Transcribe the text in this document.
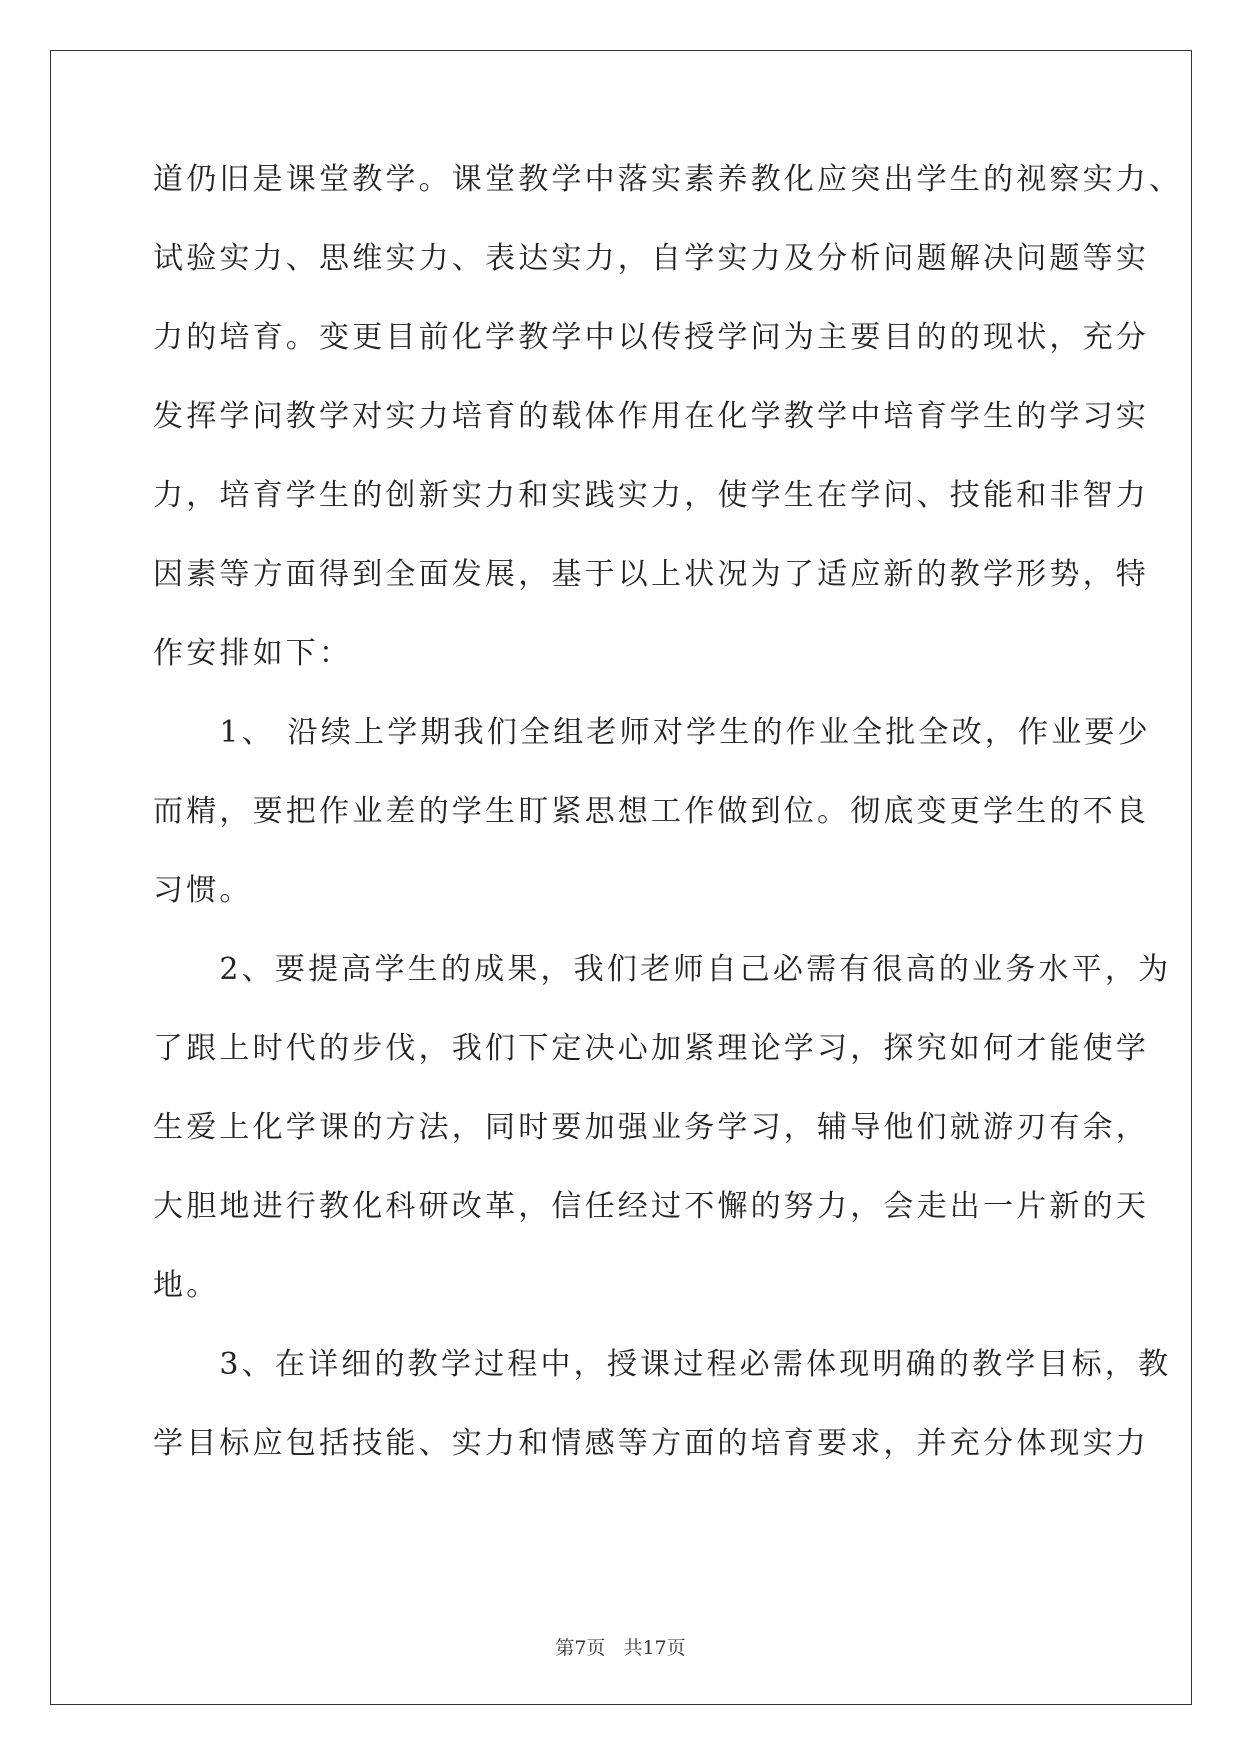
道仍旧是课堂教学。课堂教学中落实素养教化应突出学生的视察实力、
试验实力、思维实力、表达实力，自学实力及分析问题解决问题等实
力的培育。变更目前化学教学中以传授学问为主要目的的现状，充分
发挥学问教学对实力培育的载体作用在化学教学中培育学生的学习实
力，培育学生的创新实力和实践实力，使学生在学问、技能和非智力
因素等方面得到全面发展，基于以上状况为了适应新的教学形势，特
作安排如下：
　　1、 沿续上学期我们全组老师对学生的作业全批全改，作业要少
而精，要把作业差的学生盯紧思想工作做到位。彻底变更学生的不良
习惯。
　　2、要提高学生的成果，我们老师自己必需有很高的业务水平，为
了跟上时代的步伐，我们下定决心加紧理论学习，探究如何才能使学
生爱上化学课的方法，同时要加强业务学习，辅导他们就游刃有余，
大胆地进行教化科研改革，信任经过不懈的努力，会走出一片新的天
地。
　　3、在详细的教学过程中，授课过程必需体现明确的教学目标，教
学目标应包括技能、实力和情感等方面的培育要求，并充分体现实力
第7页 共17页
